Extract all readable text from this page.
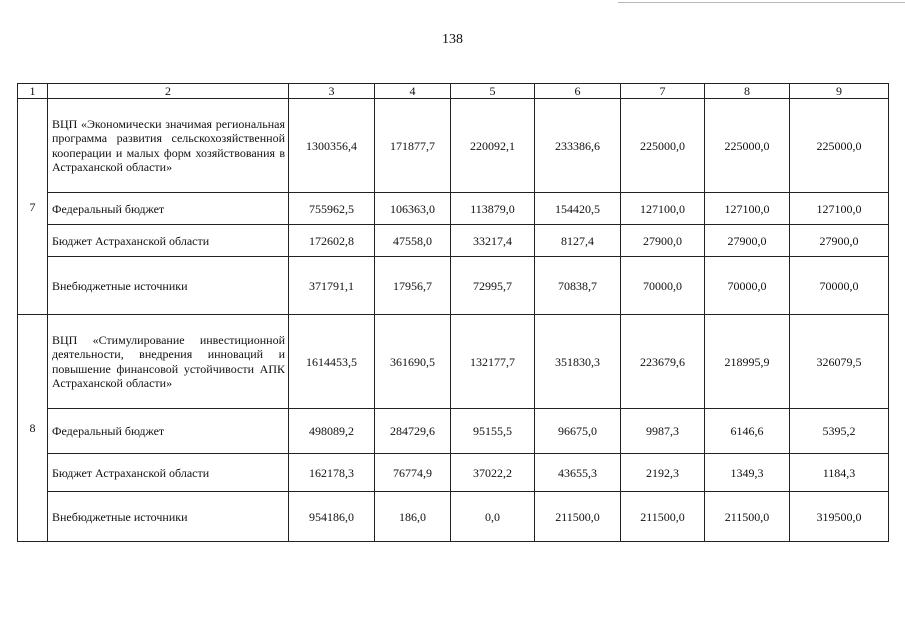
138
1	2	3	4	5	6	7	8	9
7	ВЦП «Экономически значимая региональная программа развития сельскохозяйственной кооперации и малых форм хозяйствования в Астраханской области»	1300356,4	171877,7	220092,1	233386,6	225000,0	225000,0	225000,0
	Федеральный бюджет	755962,5	106363,0	113879,0	154420,5	127100,0	127100,0	127100,0
	Бюджет Астраханской области	172602,8	47558,0	33217,4	8127,4	27900,0	27900,0	27900,0
	Внебюджетные источники	371791,1	17956,7	72995,7	70838,7	70000,0	70000,0	70000,0
8	ВЦП «Стимулирование инвестиционной деятельности, внедрения инноваций и повышение финансовой устойчивости АПК Астраханской области»	1614453,5	361690,5	132177,7	351830,3	223679,6	218995,9	326079,5
	Федеральный бюджет	498089,2	284729,6	95155,5	96675,0	9987,3	6146,6	5395,2
	Бюджет Астраханской области	162178,3	76774,9	37022,2	43655,3	2192,3	1349,3	1184,3
	Внебюджетные источники	954186,0	186,0	0,0	211500,0	211500,0	211500,0	319500,0
